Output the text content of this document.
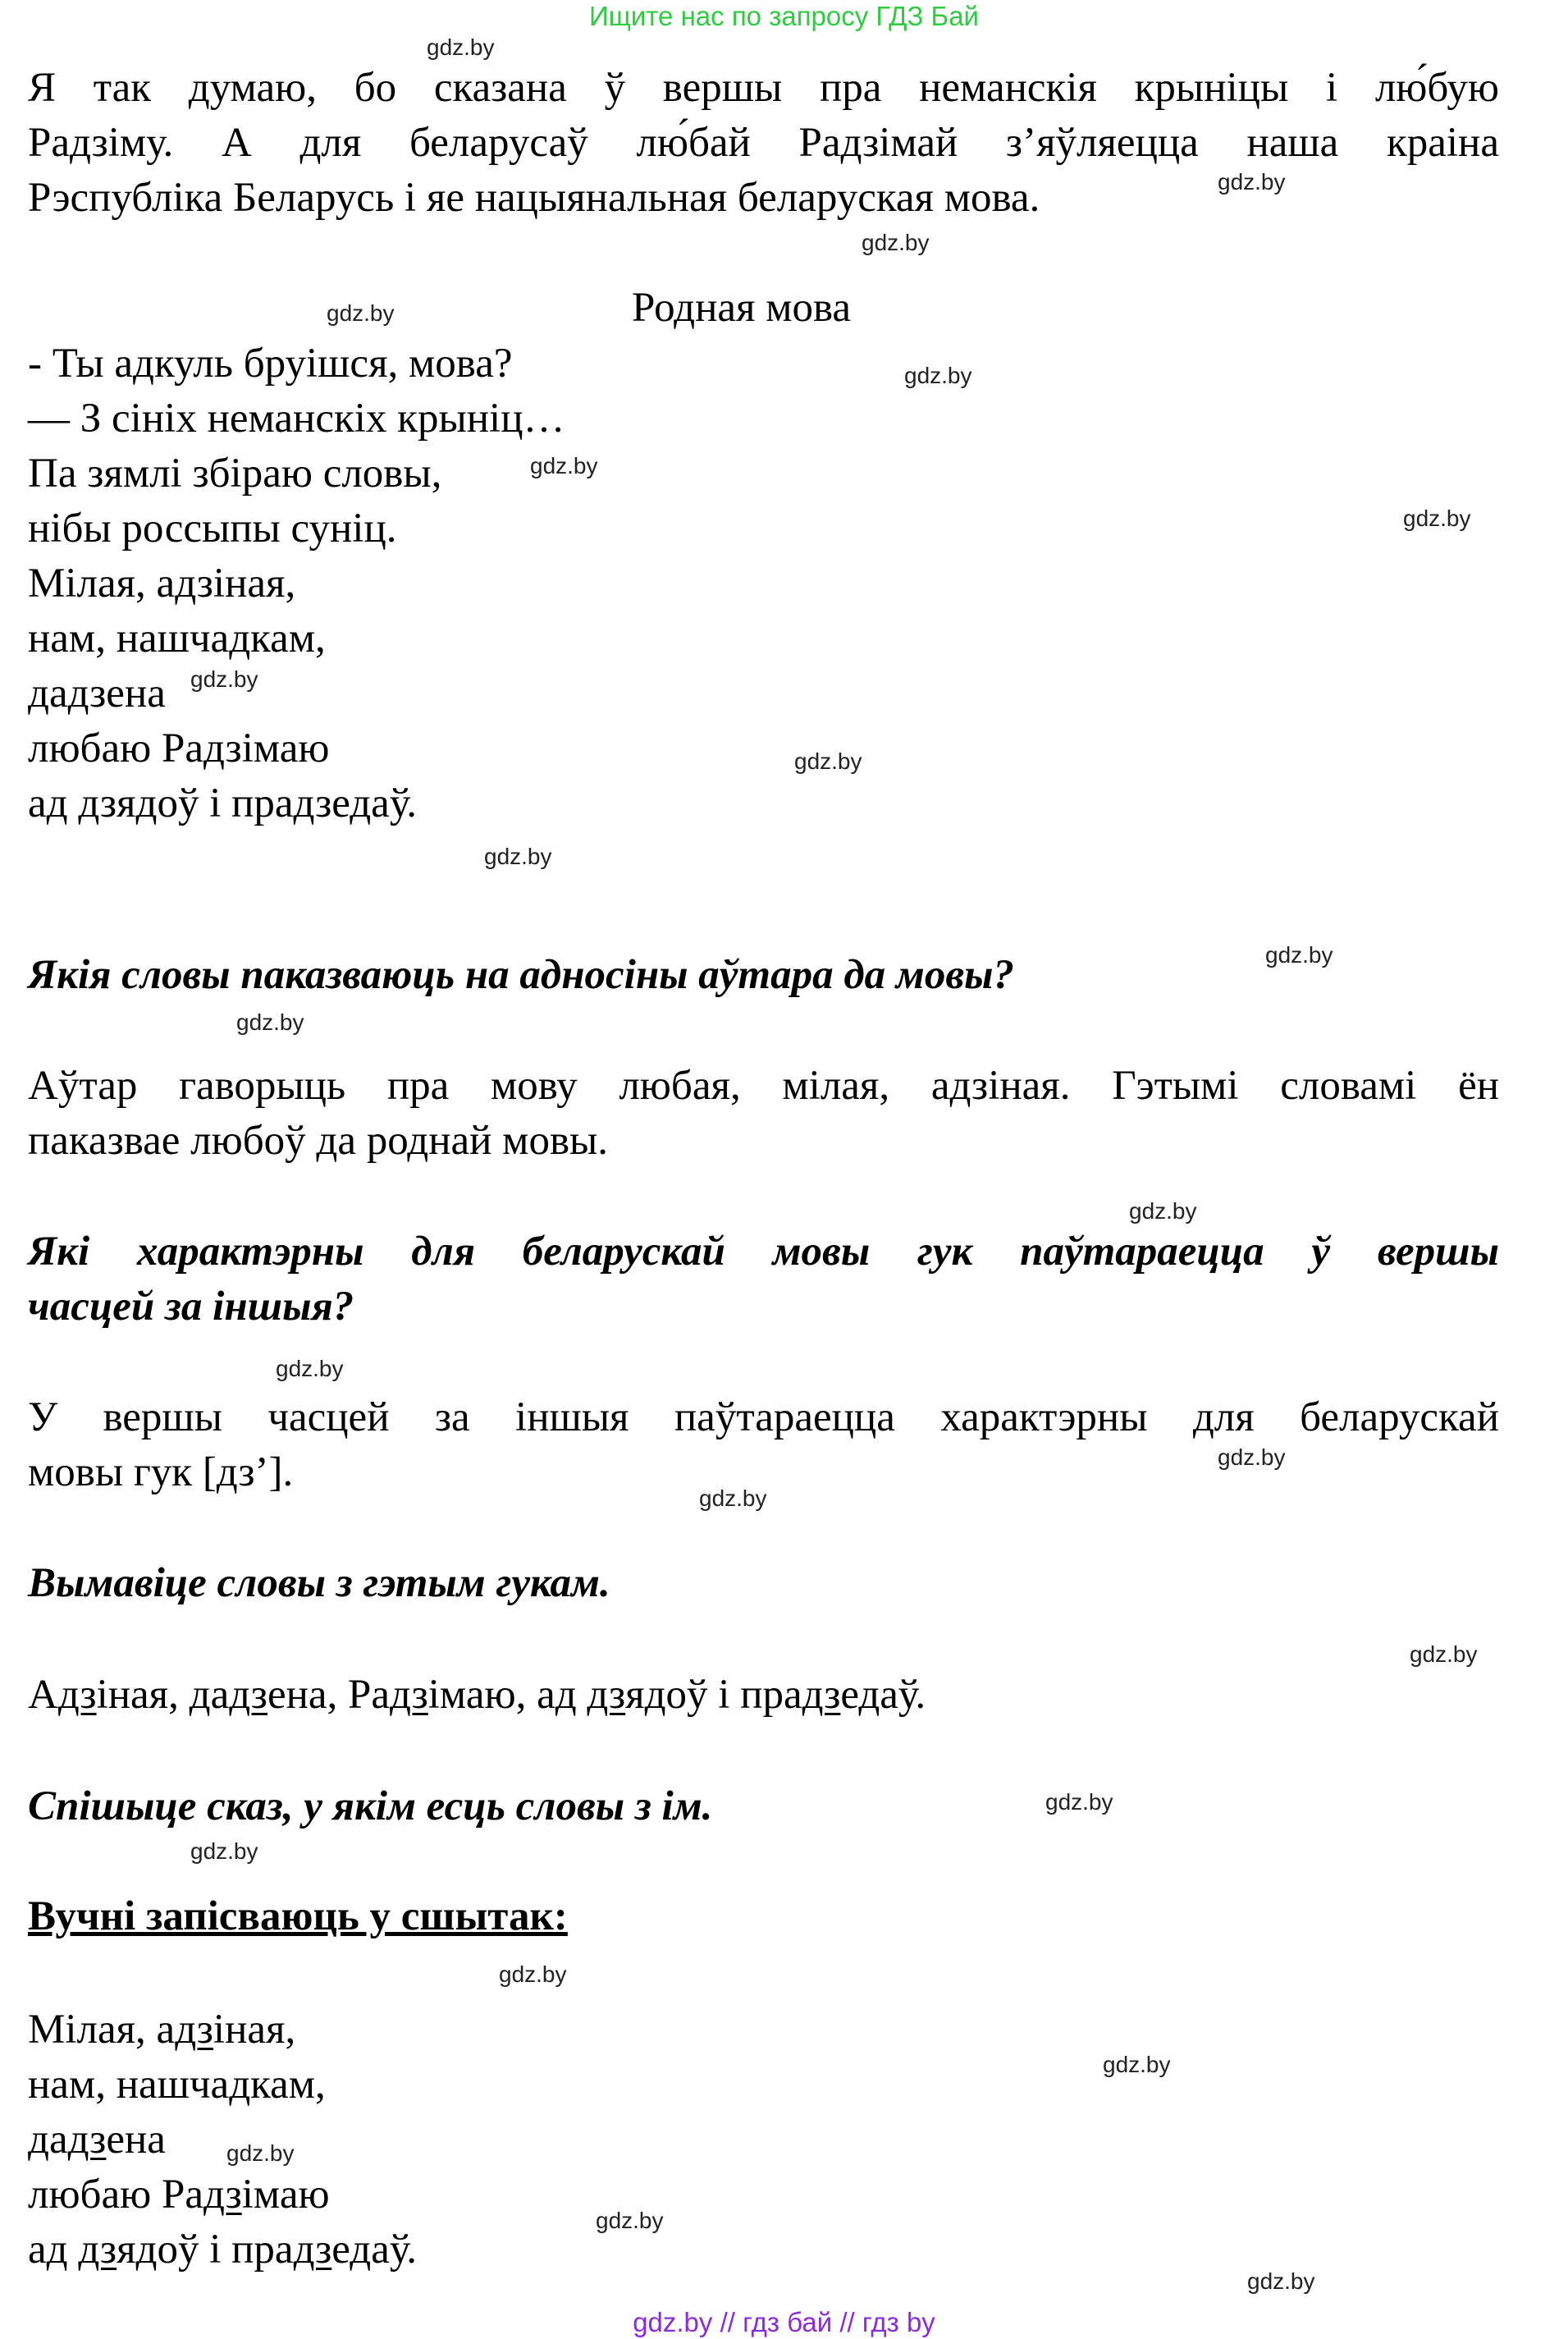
Ищите нас по запросу ГДЗ Бай
gdz.by
gdz.by
gdz.by
gdz.by
gdz.by
gdz.by
gdz.by
gdz.by
gdz.by
gdz.by
gdz.by
gdz.by
gdz.by
gdz.by
gdz.by
gdz.by
gdz.by
gdz.by
gdz.by
gdz.by
gdz.by
gdz.by
gdz.by
gdz.by
Я так думаю, бо сказана ў вершы пра неманскія крыніцы і лю́бую
Радзіму. А для беларусаў лю́бай Радзімай з’яўляецца наша краіна
Рэспубліка Беларусь і яе нацыянальная беларуская мова.
Родная мова
- Ты адкуль бруішся, мова?
— З сініх неманскіх крыніц…
Па зямлі збіраю словы,
нібы россыпы суніц.
Мілая, адзіная,
нам, нашчадкам,
дадзена
любаю Радзімаю
ад дзядоў і прадзедаў.
Якія словы паказваюць на адносіны аўтара да мовы?
Аўтар гаворыць пра мову любая, мілая, адзіная. Гэтымі словамі ён
паказвае любоў да роднай мовы.
Які характэрны для беларускай мовы гук паўтараецца ў вершы
часцей за іншыя?
У вершы часцей за іншыя паўтараецца характэрны для беларускай
мовы гук [дз’].
Вымавіце словы з гэтым гукам.
Адзіная, дадзена, Радзімаю, ад дзядоў і прадзедаў.
Спішыце сказ, у якім есць словы з ім.
Вучні запісваюць у сшытак:
Мілая, адзіная,
нам, нашчадкам,
дадзена
любаю Радзімаю
ад дзядоў і прадзедаў.
gdz.by // гдз бай // гдз by
